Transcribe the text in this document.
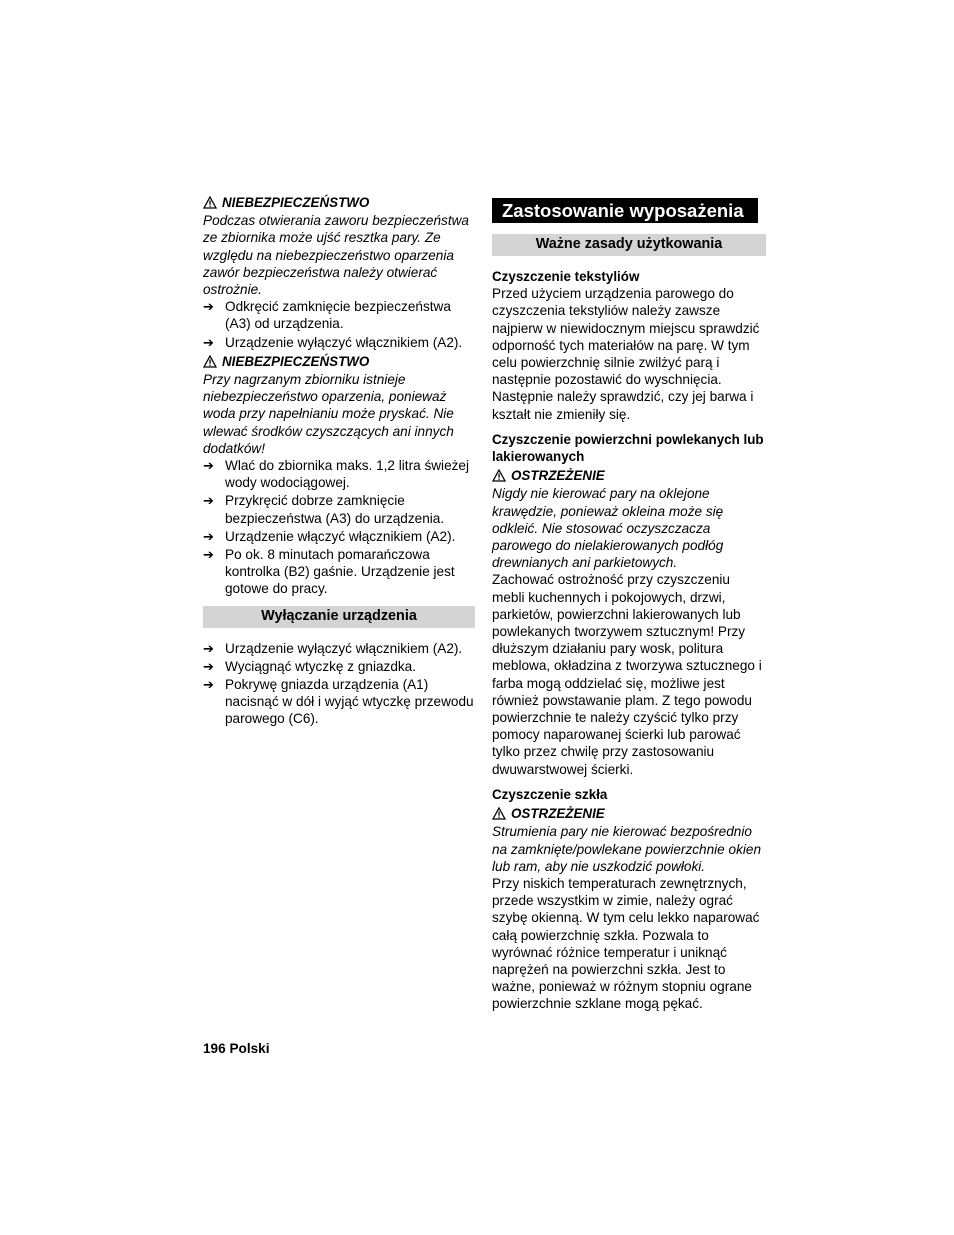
NIEBEZPIECZEŃSTWO

Podczas otwierania zaworu bezpieczeństwa ze zbiornika może ujść resztka pary. Ze względu na niebezpieczeństwo oparzenia zawór bezpieczeństwa należy otwierać ostrożnie.

➔ Odkręcić zamknięcie bezpieczeństwa (A3) od urządzenia.
➔ Urządzenie wyłączyć włącznikiem (A2).
NIEBEZPIECZEŃSTWO

Przy nagrzanym zbiorniku istnieje niebezpieczeństwo oparzenia, ponieważ woda przy napełnianiu może pryskać. Nie wlewać środków czyszczących ani innych dodatków!

➔ Wlać do zbiornika maks. 1,2 litra świeżej wody wodociągowej.
➔ Przykręcić dobrze zamknięcie bezpieczeństwa (A3) do urządzenia.
➔ Urządzenie włączyć włącznikiem (A2).
➔ Po ok. 8 minutach pomarańczowa kontrolka (B2) gaśnie. Urządzenie jest gotowe do pracy.
Wyłączanie urządzenia
➔ Urządzenie wyłączyć włącznikiem (A2).
➔ Wyciągnąć wtyczkę z gniazdka.
➔ Pokrywę gniazda urządzenia (A1) nacisnąć w dół i wyjąć wtyczkę przewodu parowego (C6).
Zastosowanie wyposażenia
Ważne zasady użytkowania

Czyszczenie tekstyliów

Przed użyciem urządzenia parowego do czyszczenia tekstyliów należy zawsze najpierw w niewidocznym miejscu sprawdzić odporność tych materiałów na parę. W tym celu powierzchnię silnie zwilżyć parą i następnie pozostawić do wyschnięcia. Następnie należy sprawdzić, czy jej barwa i kształt nie zmieniły się.

Czyszczenie powierzchni powlekanych lub lakierowanych

OSTRZEŻENIE

Nigdy nie kierować pary na oklejone krawędzie, ponieważ okleina może się odkleić. Nie stosować oczyszczacza parowego do nielakierowanych podłóg drewnianych ani parkietowych.

Zachować ostrożność przy czyszczeniu mebli kuchennych i pokojowych, drzwi, parkietów, powierzchni lakierowanych lub powlekanych tworzywem sztucznym! Przy dłuższym działaniu pary wosk, politura meblowa, okładzina z tworzywa sztucznego i farba mogą oddzielać się, możliwe jest również powstawanie plam. Z tego powodu powierzchnie te należy czyścić tylko przy pomocy naparowanej ścierki lub parować tylko przez chwilę przy zastosowaniu dwuwarstwowej ścierki.

Czyszczenie szkła

OSTRZEŻENIE

Strumienia pary nie kierować bezpośrednio na zamknięte/powlekane powierzchnie okien lub ram, aby nie uszkodzić powłoki.

Przy niskich temperaturach zewnętrznych, przede wszystkim w zimie, należy ograć szybę okienną. W tym celu lekko naparować całą powierzchnię szkła. Pozwala to wyrównać różnice temperatur i uniknąć naprężeń na powierzchni szkła. Jest to ważne, ponieważ w różnym stopniu ograne powierzchnie szklane mogą pękać.

196 Polski
